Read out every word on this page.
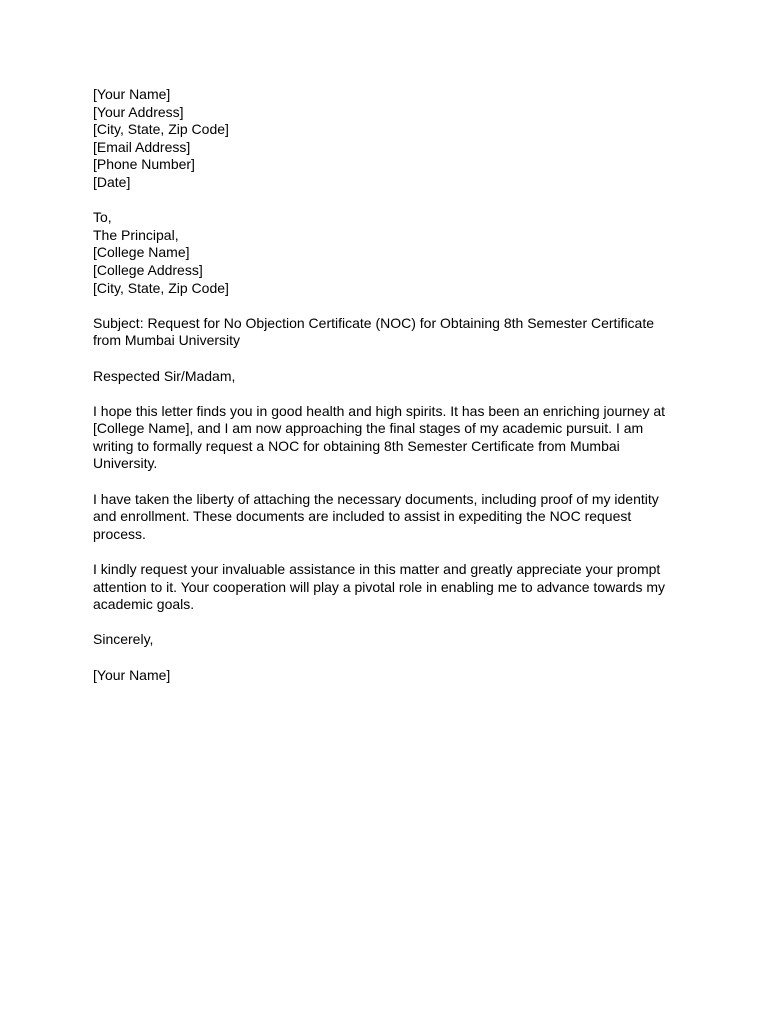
[Your Name]
[Your Address]
[City, State, Zip Code]
[Email Address]
[Phone Number]
[Date]
To,
The Principal,
[College Name]
[College Address]
[City, State, Zip Code]
Subject: Request for No Objection Certificate (NOC) for Obtaining 8th Semester Certificate
from Mumbai University
Respected Sir/Madam,
I hope this letter finds you in good health and high spirits. It has been an enriching journey at
[College Name], and I am now approaching the final stages of my academic pursuit. I am
writing to formally request a NOC for obtaining 8th Semester Certificate from Mumbai
University.
I have taken the liberty of attaching the necessary documents, including proof of my identity
and enrollment. These documents are included to assist in expediting the NOC request
process.
I kindly request your invaluable assistance in this matter and greatly appreciate your prompt
attention to it. Your cooperation will play a pivotal role in enabling me to advance towards my
academic goals.
Sincerely,
[Your Name]
